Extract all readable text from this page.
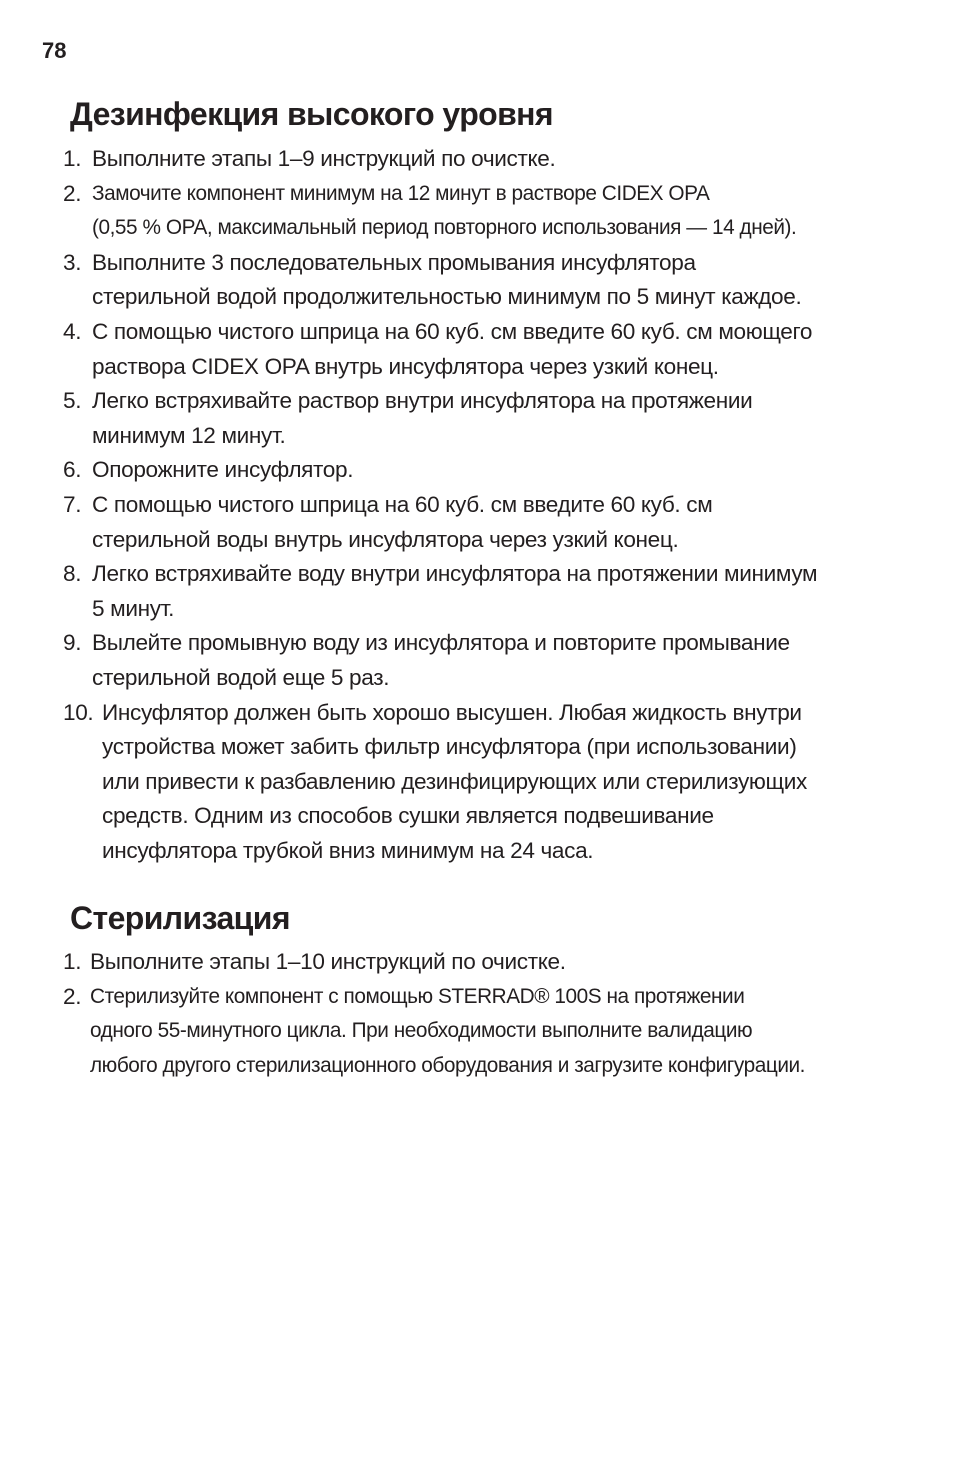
78
Дезинфекция высокого уровня
1. Выполните этапы 1–9 инструкций по очистке.
2. Замочите компонент минимум на 12 минут в растворе CIDEX OPA
(0,55 % OPA, максимальный период повторного использования — 14 дней).
3. Выполните 3 последовательных промывания инсуфлятора
стерильной водой продолжительностью минимум по 5 минут каждое.
4. С помощью чистого шприца на 60 куб. см введите 60 куб. см моющего
раствора CIDEX OPA внутрь инсуфлятора через узкий конец.
5. Легко встряхивайте раствор внутри инсуфлятора на протяжении
минимум 12 минут.
6. Опорожните инсуфлятор.
7. С помощью чистого шприца на 60 куб. см введите 60 куб. см
стерильной воды внутрь инсуфлятора через узкий конец.
8. Легко встряхивайте воду внутри инсуфлятора на протяжении минимум
5 минут.
9. Вылейте промывную воду из инсуфлятора и повторите промывание
стерильной водой еще 5 раз.
10. Инсуфлятор должен быть хорошо высушен. Любая жидкость внутри
устройства может забить фильтр инсуфлятора (при использовании)
или привести к разбавлению дезинфицирующих или стерилизующих
средств. Одним из способов сушки является подвешивание
инсуфлятора трубкой вниз минимум на 24 часа.
Стерилизация
1. Выполните этапы 1–10 инструкций по очистке.
2. Стерилизуйте компонент с помощью STERRAD® 100S на протяжении
одного 55-минутного цикла. При необходимости выполните валидацию
любого другого стерилизационного оборудования и загрузите конфигурации.
